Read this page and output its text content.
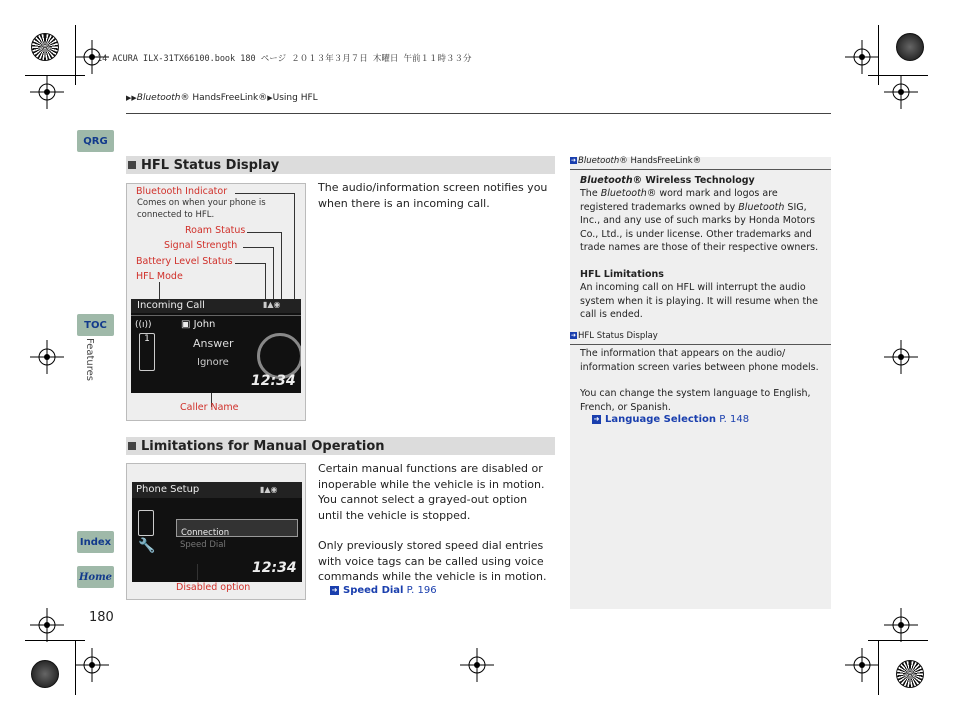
14 ACURA ILX-31TX66100.book 180 ページ ２０１３年３月７日 木曜日 午前１１時３３分
▶▶Bluetooth® HandsFreeLink®▶Using HFL
QRG
TOC
Index
Home
Features
HFL Status Display
Bluetooth Indicator
Comes on when your phone is connected to HFL.
Roam Status
Signal Strength
Battery Level Status
HFL Mode
Incoming Call	▮▲◉
((ı))	▣ John
1	Answer
Ignore
12:34
Caller Name
The audio/information screen notifies you when there is an incoming call.
Limitations for Manual Operation
Phone Setup	▮▲◉
🔧
Connection
Speed Dial
12:34
Disabled option
Certain manual functions are disabled or inoperable while the vehicle is in motion. You cannot select a grayed-out option until the vehicle is stopped.
Only previously stored speed dial entries with voice tags can be called using voice commands while the vehicle is in motion.
➜ Speed Dial P. 196
➜ Bluetooth® HandsFreeLink®
Bluetooth® Wireless Technology
The Bluetooth® word mark and logos are registered trademarks owned by Bluetooth SIG, Inc., and any use of such marks by Honda Motors Co., Ltd., is under license. Other trademarks and trade names are those of their respective owners.
HFL Limitations
An incoming call on HFL will interrupt the audio system when it is playing. It will resume when the call is ended.
➜ HFL Status Display
The information that appears on the audio/ information screen varies between phone models.
You can change the system language to English, French, or Spanish.
➜ Language Selection P. 148
180
